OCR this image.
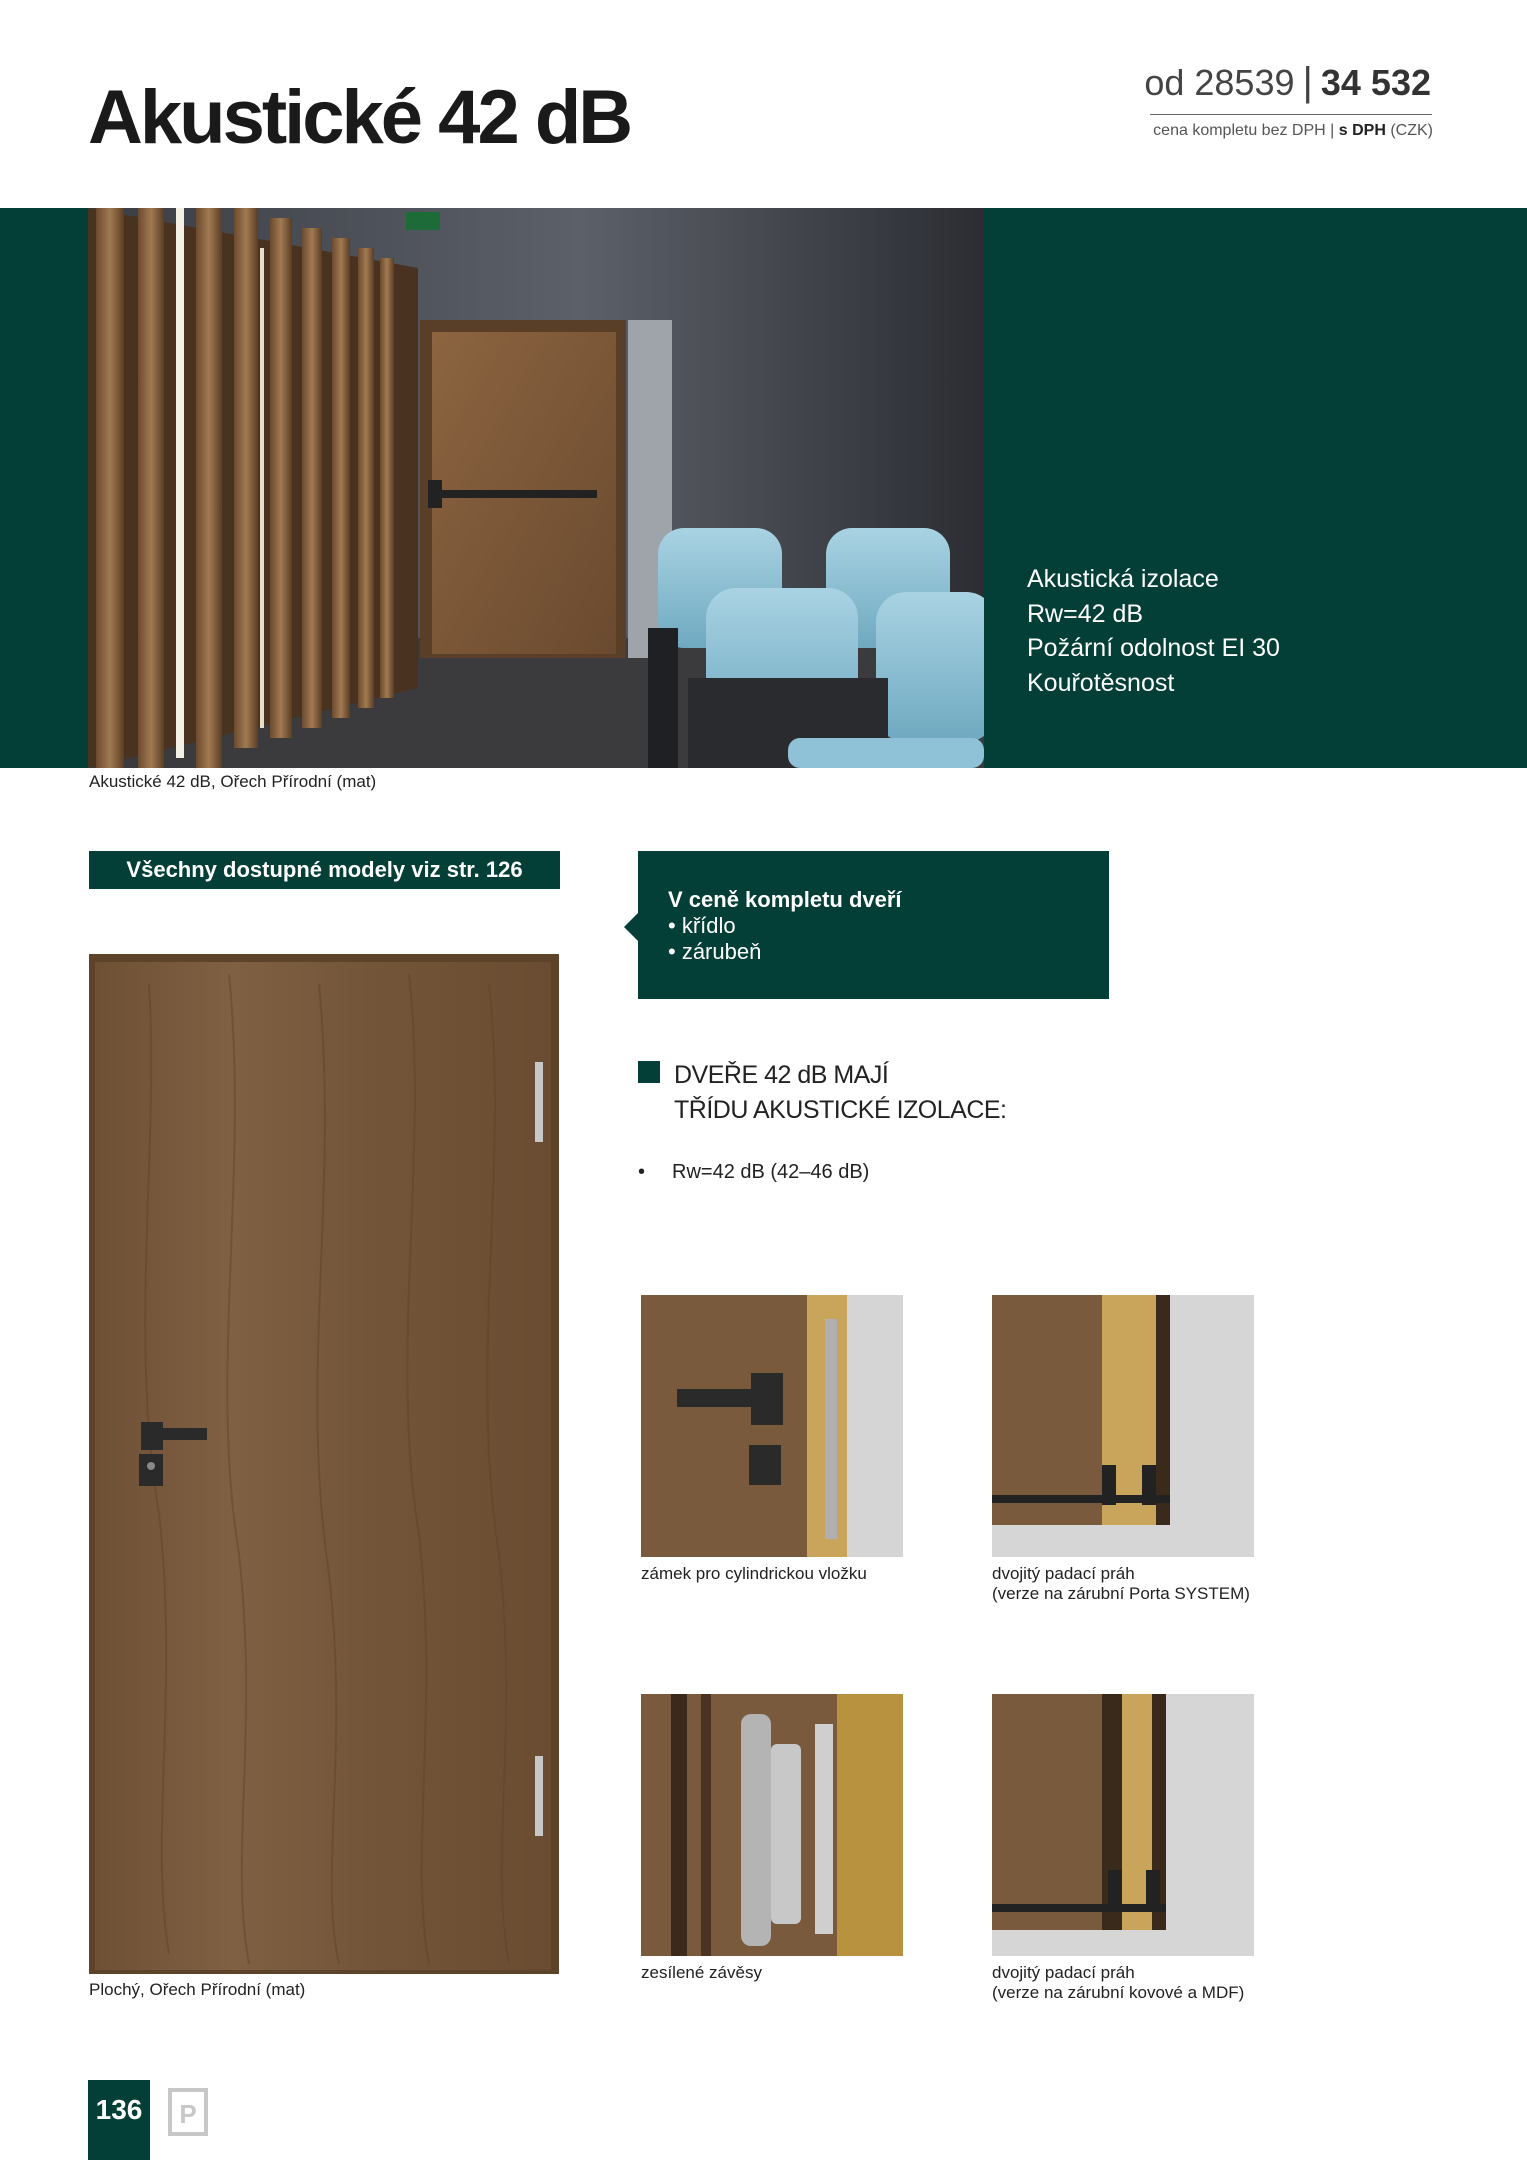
Akustické 42 dB	od 28539 | 34 532
cena kompletu bez DPH | s DPH (CZK)
Akustická izolace
Rw=42 dB
Požární odolnost EI 30
Kouřotěsnost
Akustické 42 dB, Ořech Přírodní (mat)
Všechny dostupné modely viz str. 126
V ceně kompletu dveří
• křídlo
• zárubeň
Plochý, Ořech Přírodní (mat)
DVEŘE 42 dB MAJÍ
TŘÍDU AKUSTICKÉ IZOLACE:
• Rw=42 dB (42–46 dB)
zámek pro cylindrickou vložku	dvojitý padací práh
(verze na zárubní Porta SYSTEM)
zesílené závěsy	dvojitý padací práh
(verze na zárubní kovové a MDF)
136 P
